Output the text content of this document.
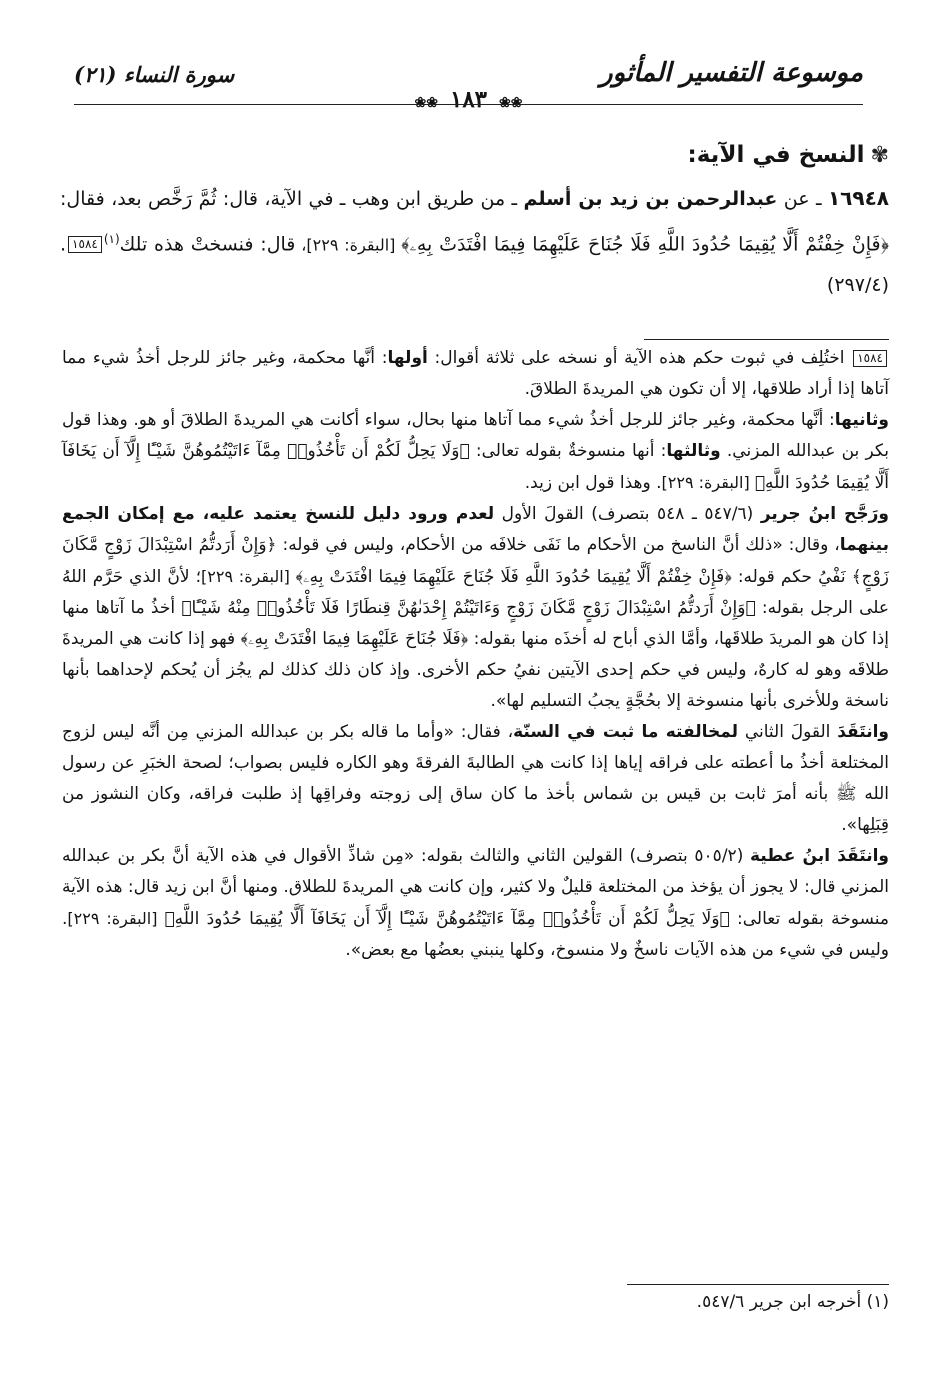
موسوعة التفسير المأثور
❀❀ ١٨٣ ❀❀
سورة النساء (٢١)
✾النسخ في الآية:
١٦٩٤٨ ـ عن عبدالرحمن بن زيد بن أسلم ـ من طريق ابن وهب ـ في الآية، قال: ثُمَّ رَخَّص بعد، فقال: ﴿فَإِنْ خِفْتُمْ أَلَّا يُقِيمَا حُدُودَ اللَّهِ فَلَا جُنَاحَ عَلَيْهِمَا فِيمَا افْتَدَتْ بِهِۦ﴾ [البقرة: ٢٢٩]، قال: فنسختْ هذه تلك$^{(١)}$١٥٨٤. (٢٩٧/٤)

١٥٨٤ اختُلِف في ثبوت حكم هذه الآية أو نسخه على ثلاثة أقوال: أولها: أنَّها محكمة، وغير جائز للرجل أخذُ شيء مما آتاها إذا أراد طلاقها، إلا أن تكون هي المريدةَ الطلاقَ.

وثانيها: أنَّها محكمة، وغير جائز للرجل أخذُ شيء مما آتاها منها بحال، سواء أكانت هي المريدةَ الطلاقَ أو هو. وهذا قول بكر بن عبدالله المزني. وثالثها: أنها منسوخةٌ بقوله تعالى: ﴿وَلَا يَحِلُّ لَكُمْ أَن تَأْخُذُوا۟ مِمَّآ ءَاتَيْتُمُوهُنَّ شَيْـًٔا إِلَّآ أَن يَخَافَآ أَلَّا يُقِيمَا حُدُودَ اللَّهِ﴾ [البقرة: ٢٢٩]. وهذا قول ابن زيد.

ورَجَّح ابنُ جرير (٥٤٧/٦ ـ ٥٤٨ بتصرف) القولَ الأول لعدم ورود دليل للنسخ يعتمد عليه، مع إمكان الجمع بينهما، وقال: «ذلك أنَّ الناسخ من الأحكام ما نَفَى خلافَه من الأحكام، وليس في قوله: ﴿وَإِنْ أَرَدتُّمُ اسْتِبْدَالَ زَوْجٍ مَّكَانَ زَوْجٍ﴾ نَفْيُ حكم قوله: ﴿فَإِنْ خِفْتُمْ أَلَّا يُقِيمَا حُدُودَ اللَّهِ فَلَا جُنَاحَ عَلَيْهِمَا فِيمَا افْتَدَتْ بِهِۦ﴾ [البقرة: ٢٢٩]؛ لأنَّ الذي حَرَّم اللهُ على الرجل بقوله: ﴿وَإِنْ أَرَدتُّمُ اسْتِبْدَالَ زَوْجٍ مَّكَانَ زَوْجٍ وَءَاتَيْتُمْ إِحْدَىٰهُنَّ قِنطَارًا فَلَا تَأْخُذُوا۟ مِنْهُ شَيْـًٔا﴾ أخذُ ما آتاها منها إذا كان هو المريدَ طلاقَها، وأمَّا الذي أباح له أخذَه منها بقوله: ﴿فَلَا جُنَاحَ عَلَيْهِمَا فِيمَا افْتَدَتْ بِهِۦ﴾ فهو إذا كانت هي المريدةَ طلاقَه وهو له كارهٌ، وليس في حكم إحدى الآيتين نفيُ حكم الأخرى. وإذ كان ذلك كذلك لم يجُز أن يُحكم لإحداهما بأنها ناسخة وللأخرى بأنها منسوخة إلا بحُجَّةٍ يجبُ التسليم لها».

وانتَقَدَ القولَ الثاني لمخالفته ما ثبت في السنّة، فقال: «وأما ما قاله بكر بن عبدالله المزني مِن أنَّه ليس لزوج المختلعة أخذُ ما أعطته على فراقه إياها إذا كانت هي الطالبةَ الفرقةَ وهو الكاره فليس بصواب؛ لصحة الخبَرِ عن رسول الله ﷺ بأنه أمرَ ثابت بن قيس بن شماس بأخذ ما كان ساق إلى زوجته وفراقِها إذ طلبت فراقه، وكان النشوز من قِبَلِها».

وانتَقَدَ ابنُ عطية (٥٠٥/٢ بتصرف) القولين الثاني والثالث بقوله: «مِن شاذِّ الأقوال في هذه الآية أنَّ بكر بن عبدالله المزني قال: لا يجوز أن يؤخذ من المختلعة قليلٌ ولا كثير، وإن كانت هي المريدةَ للطلاق. ومنها أنَّ ابن زيد قال: هذه الآية منسوخة بقوله تعالى: ﴿وَلَا يَحِلُّ لَكُمْ أَن تَأْخُذُوا۟ مِمَّآ ءَاتَيْتُمُوهُنَّ شَيْـًٔا إِلَّآ أَن يَخَافَآ أَلَّا يُقِيمَا حُدُودَ اللَّهِ﴾ [البقرة: ٢٢٩]. وليس في شيء من هذه الآيات ناسخٌ ولا منسوخ، وكلها ينبني بعضُها مع بعض».

(١) أخرجه ابن جرير ٥٤٧/٦.
